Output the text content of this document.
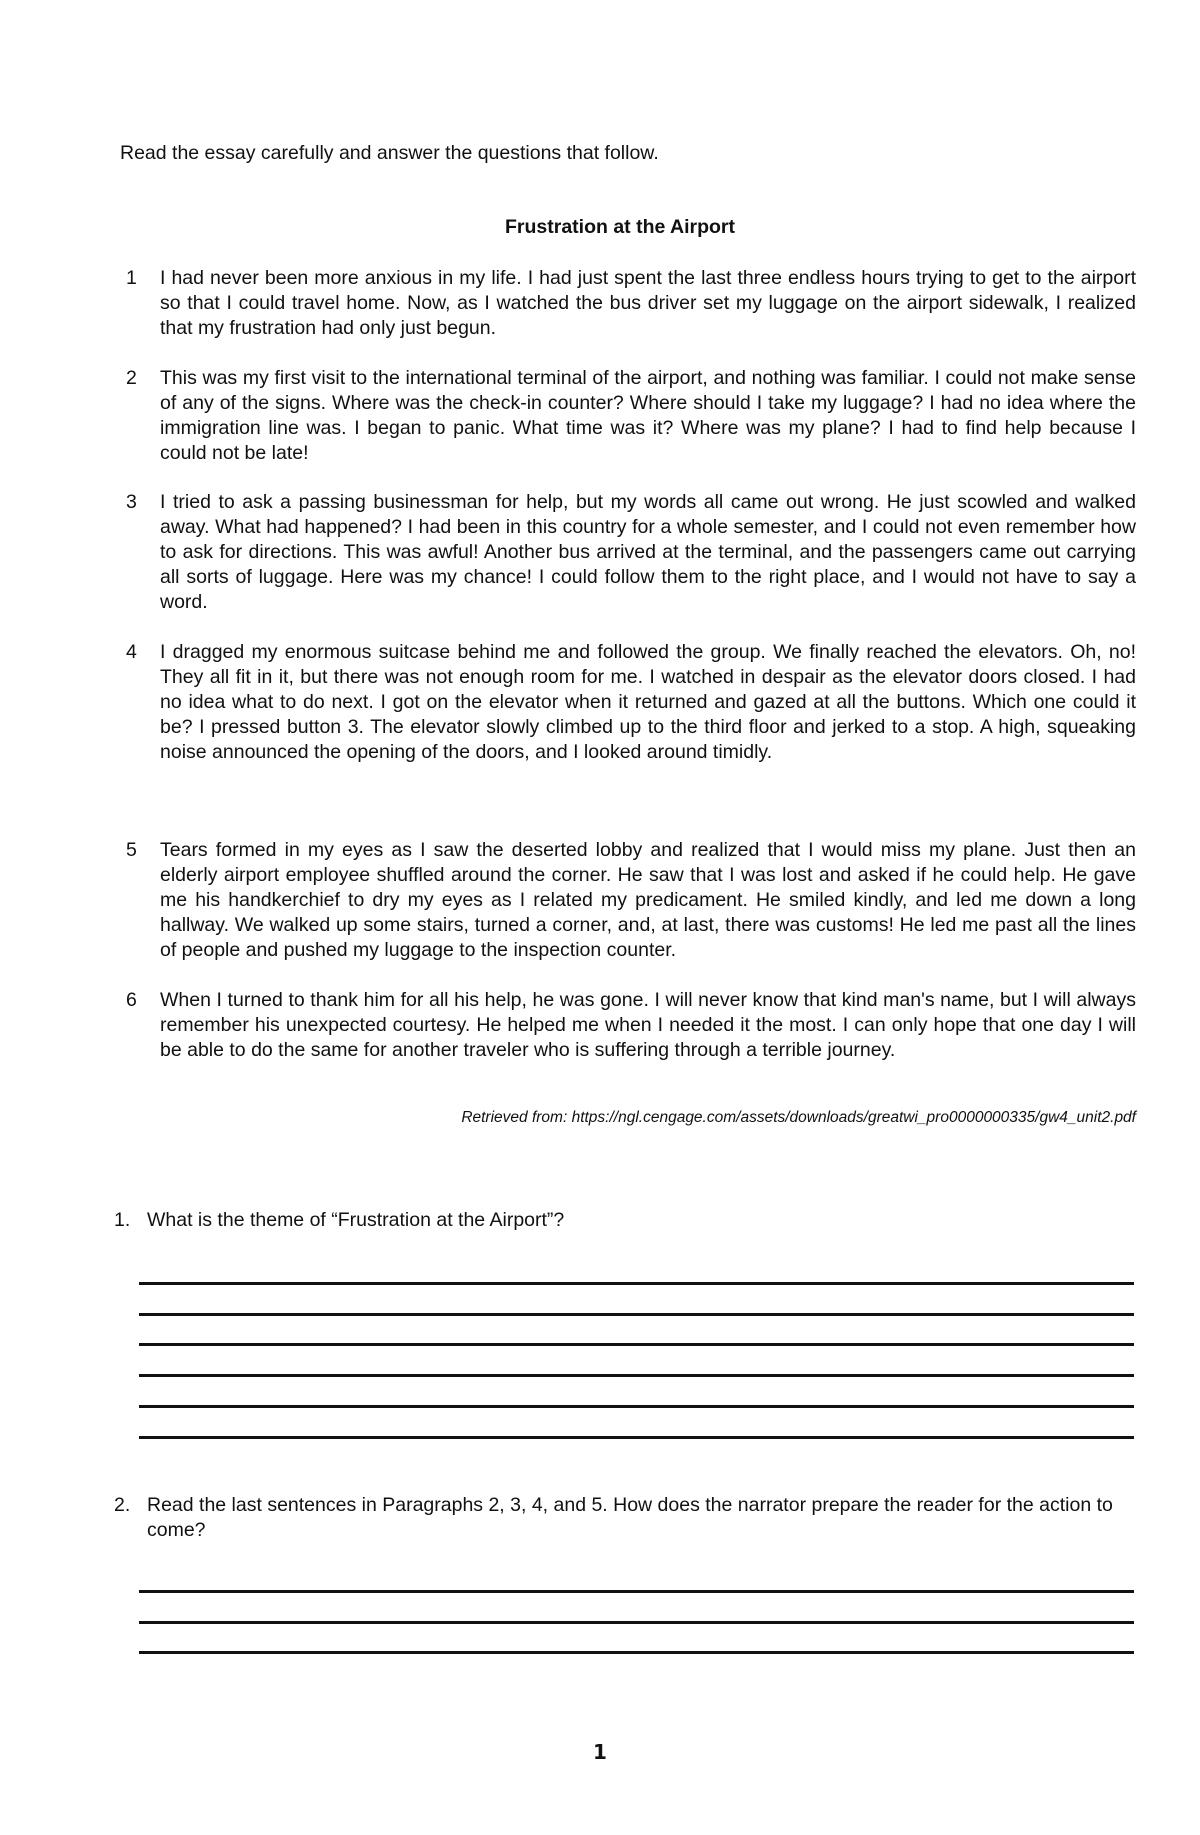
Read the essay carefully and answer the questions that follow.
Frustration at the Airport
1	I had never been more anxious in my life. I had just spent the last three endless hours trying to get to the airport so that I could travel home. Now, as I watched the bus driver set my luggage on the airport sidewalk, I realized that my frustration had only just begun.
2	This was my first visit to the international terminal of the airport, and nothing was familiar. I could not make sense of any of the signs. Where was the check-in counter? Where should I take my luggage? I had no idea where the immigration line was. I began to panic. What time was it? Where was my plane? I had to find help because I could not be late!
3	I tried to ask a passing businessman for help, but my words all came out wrong. He just scowled and walked away. What had happened? I had been in this country for a whole semester, and I could not even remember how to ask for directions. This was awful! Another bus arrived at the terminal, and the passengers came out carrying all sorts of luggage. Here was my chance! I could follow them to the right place, and I would not have to say a word.
4	I dragged my enormous suitcase behind me and followed the group. We finally reached the elevators. Oh, no! They all fit in it, but there was not enough room for me. I watched in despair as the elevator doors closed. I had no idea what to do next. I got on the elevator when it returned and gazed at all the buttons. Which one could it be? I pressed button 3. The elevator slowly climbed up to the third floor and jerked to a stop. A high, squeaking noise announced the opening of the doors, and I looked around timidly.
5	Tears formed in my eyes as I saw the deserted lobby and realized that I would miss my plane. Just then an elderly airport employee shuffled around the corner. He saw that I was lost and asked if he could help. He gave me his handkerchief to dry my eyes as I related my predicament. He smiled kindly, and led me down a long hallway. We walked up some stairs, turned a corner, and, at last, there was customs! He led me past all the lines of people and pushed my luggage to the inspection counter.
6	When I turned to thank him for all his help, he was gone. I will never know that kind man's name, but I will always remember his unexpected courtesy. He helped me when I needed it the most. I can only hope that one day I will be able to do the same for another traveler who is suffering through a terrible journey.
Retrieved from: https://ngl.cengage.com/assets/downloads/greatwi_pro0000000335/gw4_unit2.pdf
1. What is the theme of “Frustration at the Airport”?
2. Read the last sentences in Paragraphs 2, 3, 4, and 5. How does the narrator prepare the reader for the action to come?
1
